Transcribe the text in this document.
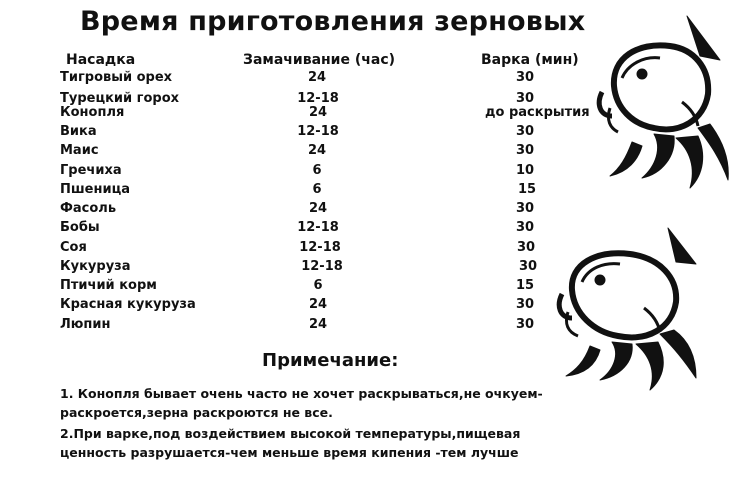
Время приготовления зерновых
Насадка	Замачивание (час)	Варка (мин)
Тигровый орех	24	30
Турецкий горох	12-18	30
Конопля	24	до раскрытия
Вика	12-18	30
Маис	24	30
Гречиха	6	10
Пшеница	6	15
Фасоль	24	30
Бобы	12-18	30
Соя	12-18	30
Кукуруза	12-18	30
Птичий корм	6	15
Красная кукуруза	24	30
Люпин	24	30
Примечание:
1. Конопля бывает очень часто не хочет раскрываться,не очкуем-
раскроется,зерна раскроются не все.
2.При варке,под воздействием высокой температуры,пищевая
ценность разрушается-чем меньше время кипения -тем лучше
